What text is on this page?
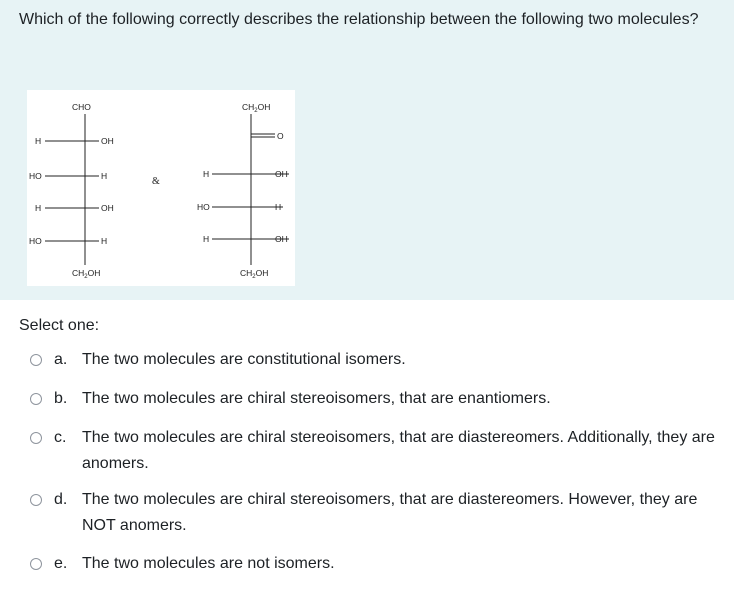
Which of the following correctly describes the relationship between the following two molecules?

CHO
H	OH
HO	H
H	OH
HO	H
$CH_2OH$
&
$CH_2OH$
O
H	OH
HO	H
H	OH
$CH_2OH$
Select one:
a. The two molecules are constitutional isomers.
b. The two molecules are chiral stereoisomers, that are enantiomers.
c. The two molecules are chiral stereoisomers, that are diastereomers. Additionally, they are anomers.
d. The two molecules are chiral stereoisomers, that are diastereomers. However, they are NOT anomers.
e. The two molecules are not isomers.
